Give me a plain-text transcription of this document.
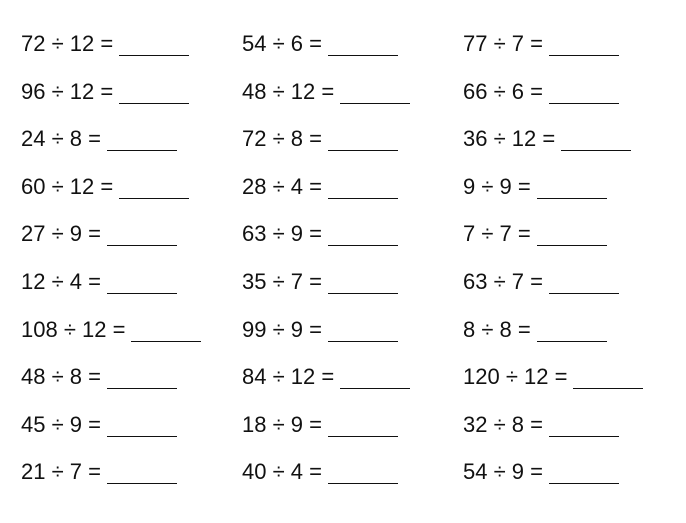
72 ÷ 12 =
96 ÷ 12 =
24 ÷ 8 =
60 ÷ 12 =
27 ÷ 9 =
12 ÷ 4 =
108 ÷ 12 =
48 ÷ 8 =
45 ÷ 9 =
21 ÷ 7 =
54 ÷ 6 =
48 ÷ 12 =
72 ÷ 8 =
28 ÷ 4 =
63 ÷ 9 =
35 ÷ 7 =
99 ÷ 9 =
84 ÷ 12 =
18 ÷ 9 =
40 ÷ 4 =
77 ÷ 7 =
66 ÷ 6 =
36 ÷ 12 =
9 ÷ 9 =
7 ÷ 7 =
63 ÷ 7 =
8 ÷ 8 =
120 ÷ 12 =
32 ÷ 8 =
54 ÷ 9 =
